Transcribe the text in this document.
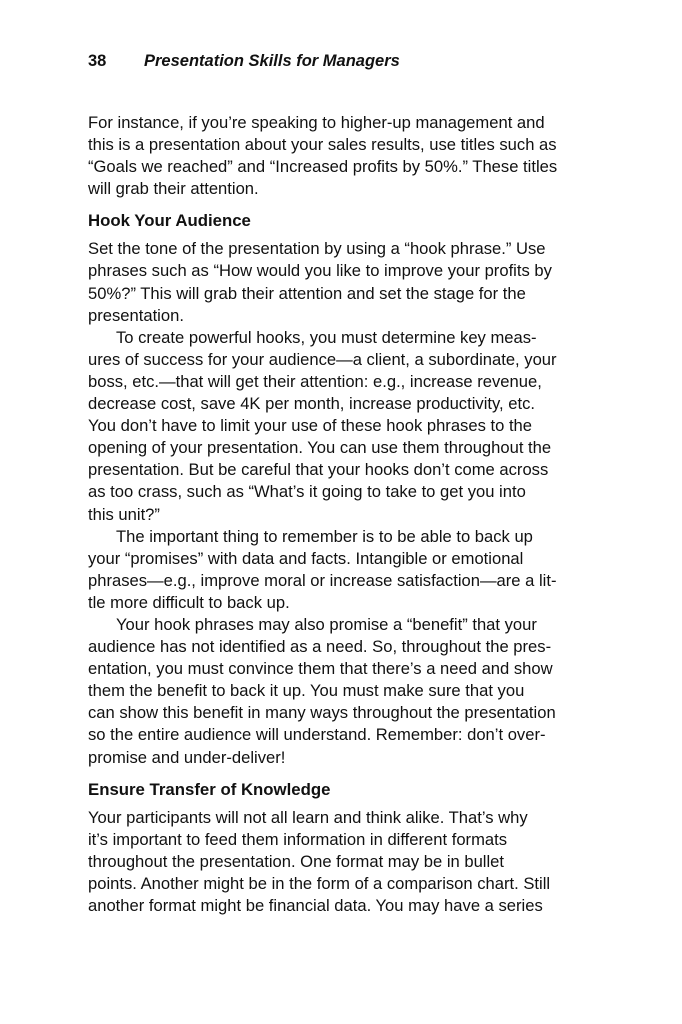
38 Presentation Skills for Managers
For instance, if you’re speaking to higher-up management and
this is a presentation about your sales results, use titles such as
“Goals we reached” and “Increased profits by 50%.” These titles
will grab their attention.
Hook Your Audience
Set the tone of the presentation by using a “hook phrase.” Use
phrases such as “How would you like to improve your profits by
50%?” This will grab their attention and set the stage for the
presentation.
To create powerful hooks, you must determine key meas-
ures of success for your audience—a client, a subordinate, your
boss, etc.—that will get their attention: e.g., increase revenue,
decrease cost, save 4K per month, increase productivity, etc.
You don’t have to limit your use of these hook phrases to the
opening of your presentation. You can use them throughout the
presentation. But be careful that your hooks don’t come across
as too crass, such as “What’s it going to take to get you into
this unit?”
The important thing to remember is to be able to back up
your “promises” with data and facts. Intangible or emotional
phrases—e.g., improve moral or increase satisfaction—are a lit-
tle more difficult to back up.
Your hook phrases may also promise a “benefit” that your
audience has not identified as a need. So, throughout the pres-
entation, you must convince them that there’s a need and show
them the benefit to back it up. You must make sure that you
can show this benefit in many ways throughout the presentation
so the entire audience will understand. Remember: don’t over-
promise and under-deliver!
Ensure Transfer of Knowledge
Your participants will not all learn and think alike. That’s why
it’s important to feed them information in different formats
throughout the presentation. One format may be in bullet
points. Another might be in the form of a comparison chart. Still
another format might be financial data. You may have a series
